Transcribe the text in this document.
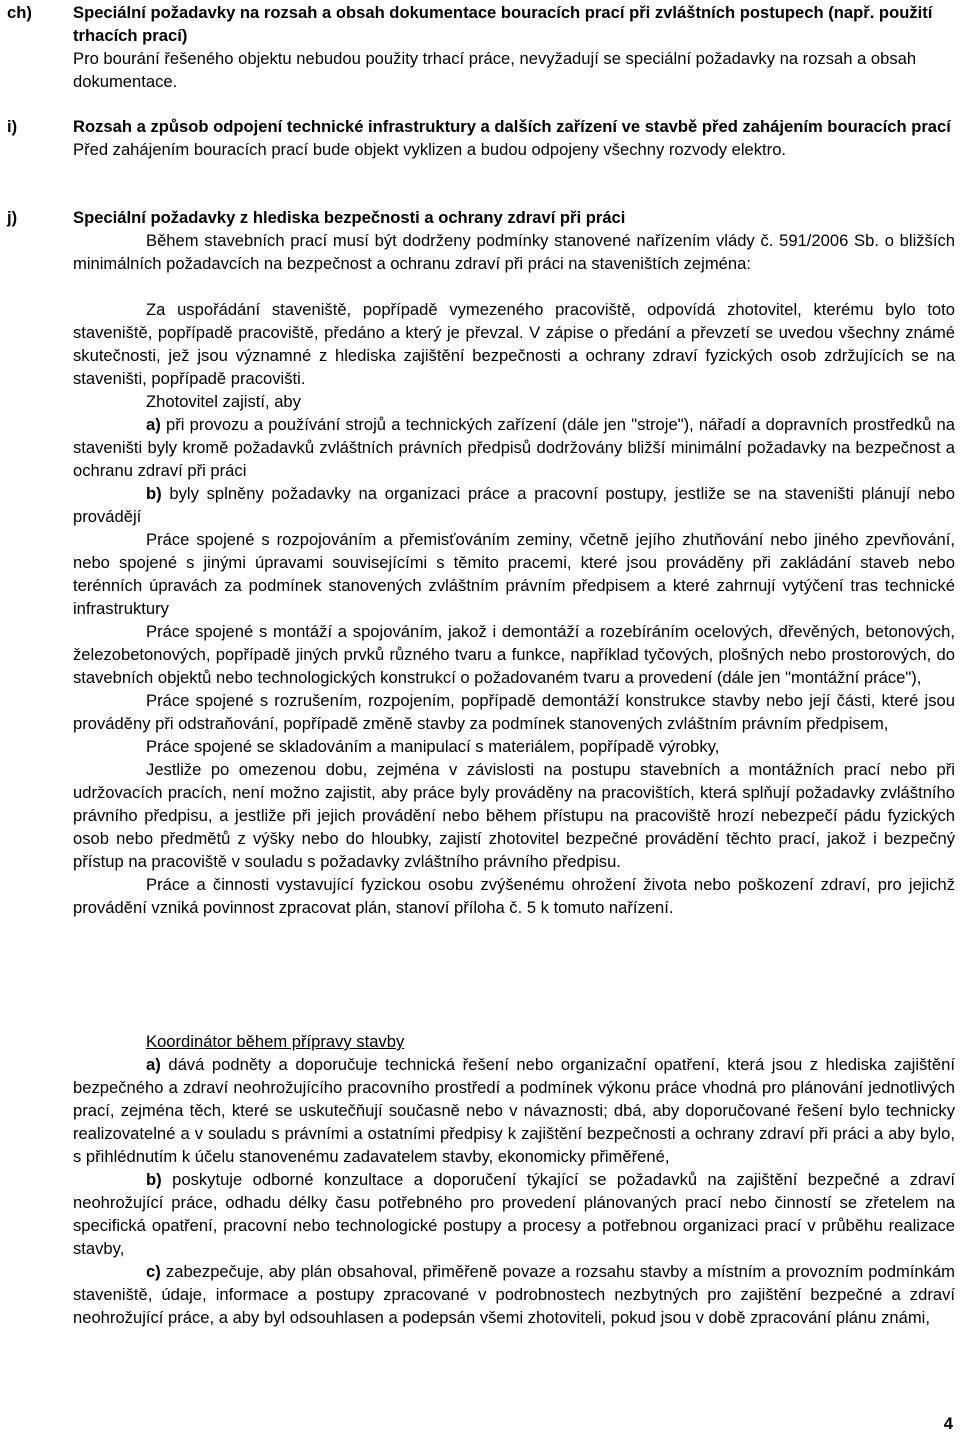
ch) Speciální požadavky na rozsah a obsah dokumentace bouracích prací při zvláštních postupech (např. použití trhacích prací)

Pro bourání řešeného objektu nebudou použity trhací práce, nevyžadují se speciální požadavky na rozsah a obsah dokumentace.

i)	Rozsah a způsob odpojení technické infrastruktury a dalších zařízení ve stavbě před zahájením bouracích prací

Před zahájením bouracích prací bude objekt vyklizen a budou odpojeny všechny rozvody elektro.

j)	Speciální požadavky z hlediska bezpečnosti a ochrany zdraví při práci

Během stavebních prací musí být dodrženy podmínky stanovené nařízením vlády č. 591/2006 Sb. o bližších minimálních požadavcích na bezpečnost a ochranu zdraví při práci na staveništích zejména:

Za uspořádání staveniště, popřípadě vymezeného pracoviště, odpovídá zhotovitel, kterému bylo toto staveniště, popřípadě pracoviště, předáno a který je převzal. V zápise o předání a převzetí se uvedou všechny známé skutečnosti, jež jsou významné z hlediska zajištění bezpečnosti a ochrany zdraví fyzických osob zdržujících se na staveništi, popřípadě pracovišti.

Zhotovitel zajistí, aby

a) při provozu a používání strojů a technických zařízení (dále jen "stroje"), nářadí a dopravních prostředků na staveništi byly kromě požadavků zvláštních právních předpisů dodržovány bližší minimální požadavky na bezpečnost a ochranu zdraví při práci

b) byly splněny požadavky na organizaci práce a pracovní postupy, jestliže se na staveništi plánují nebo provádějí

Práce spojené s rozpojováním a přemisťováním zeminy, včetně jejího zhutňování nebo jiného zpevňování, nebo spojené s jinými úpravami souvisejícími s těmito pracemi, které jsou prováděny při zakládání staveb nebo terénních úpravách za podmínek stanovených zvláštním právním předpisem a které zahrnují vytýčení tras technické infrastruktury

Práce spojené s montáží a spojováním, jakož i demontáží a rozebíráním ocelových, dřevěných, betonových, železobetonových, popřípadě jiných prvků různého tvaru a funkce, například tyčových, plošných nebo prostorových, do stavebních objektů nebo technologických konstrukcí o požadovaném tvaru a provedení (dále jen "montážní práce"),

Práce spojené s rozrušením, rozpojením, popřípadě demontáží konstrukce stavby nebo její části, které jsou prováděny při odstraňování, popřípadě změně stavby za podmínek stanovených zvláštním právním předpisem,

Práce spojené se skladováním a manipulací s materiálem, popřípadě výrobky,

Jestliže po omezenou dobu, zejména v závislosti na postupu stavebních a montážních prací nebo při udržovacích pracích, není možno zajistit, aby práce byly prováděny na pracovištích, která splňují požadavky zvláštního právního předpisu, a jestliže při jejich provádění nebo během přístupu na pracoviště hrozí nebezpečí pádu fyzických osob nebo předmětů z výšky nebo do hloubky, zajistí zhotovitel bezpečné provádění těchto prací, jakož i bezpečný přístup na pracoviště v souladu s požadavky zvláštního právního předpisu.

Práce a činnosti vystavující fyzickou osobu zvýšenému ohrožení života nebo poškození zdraví, pro jejichž provádění vzniká povinnost zpracovat plán, stanoví příloha č. 5 k tomuto nařízení.

Koordinátor během přípravy stavby

a) dává podněty a doporučuje technická řešení nebo organizační opatření, která jsou z hlediska zajištění bezpečného a zdraví neohrožujícího pracovního prostředí a podmínek výkonu práce vhodná pro plánování jednotlivých prací, zejména těch, které se uskutečňují současně nebo v návaznosti; dbá, aby doporučované řešení bylo technicky realizovatelné a v souladu s právními a ostatními předpisy k zajištění bezpečnosti a ochrany zdraví při práci a aby bylo, s přihlédnutím k účelu stanovenému zadavatelem stavby, ekonomicky přiměřené,

b) poskytuje odborné konzultace a doporučení týkající se požadavků na zajištění bezpečné a zdraví neohrožující práce, odhadu délky času potřebného pro provedení plánovaných prací nebo činností se zřetelem na specifická opatření, pracovní nebo technologické postupy a procesy a potřebnou organizaci prací v průběhu realizace stavby,

c) zabezpečuje, aby plán obsahoval, přiměřeně povaze a rozsahu stavby a místním a provozním podmínkám staveniště, údaje, informace a postupy zpracované v podrobnostech nezbytných pro zajištění bezpečné a zdraví neohrožující práce, a aby byl odsouhlasen a podepsán všemi zhotoviteli, pokud jsou v době zpracování plánu známi,

4
